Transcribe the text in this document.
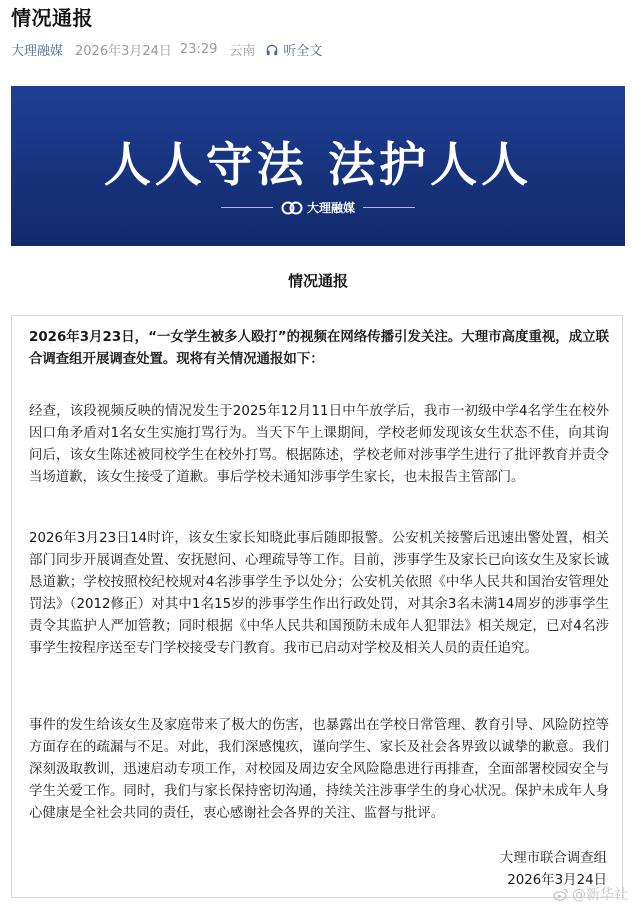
情况通报
大理融媒 2026年3月24日 23:29 云南 听全文
人人守法 法护人人
大理融媒
情况通报

2026年3月23日，“一女学生被多人殴打”的视频在网络传播引发关注。大理市高度重视，成立联合调查组开展调查处置。现将有关情况通报如下：

经查，该段视频反映的情况发生于2025年12月11日中午放学后，我市一初级中学4名学生在校外因口角矛盾对1名女生实施打骂行为。当天下午上课期间，学校老师发现该女生状态不佳，向其询问后，该女生陈述被同校学生在校外打骂。根据陈述，学校老师对涉事学生进行了批评教育并责令当场道歉，该女生接受了道歉。事后学校未通知涉事学生家长，也未报告主管部门。

2026年3月23日14时许，该女生家长知晓此事后随即报警。公安机关接警后迅速出警处置，相关部门同步开展调查处置、安抚慰问、心理疏导等工作。目前，涉事学生及家长已向该女生及家长诚恳道歉；学校按照校纪校规对4名涉事学生予以处分；公安机关依照《中华人民共和国治安管理处罚法》（2012修正）对其中1名15岁的涉事学生作出行政处罚，对其余3名未满14周岁的涉事学生责令其监护人严加管教；同时根据《中华人民共和国预防未成年人犯罪法》相关规定，已对4名涉事学生按程序送至专门学校接受专门教育。我市已启动对学校及相关人员的责任追究。

事件的发生给该女生及家庭带来了极大的伤害，也暴露出在学校日常管理、教育引导、风险防控等方面存在的疏漏与不足。对此，我们深感愧疚，谨向学生、家长及社会各界致以诚挚的歉意。我们深刻汲取教训，迅速启动专项工作，对校园及周边安全风险隐患进行再排查，全面部署校园安全与学生关爱工作。同时，我们与家长保持密切沟通，持续关注涉事学生的身心状况。保护未成年人身心健康是全社会共同的责任，衷心感谢社会各界的关注、监督与批评。

大理市联合调查组
2026年3月24日
@新华社
